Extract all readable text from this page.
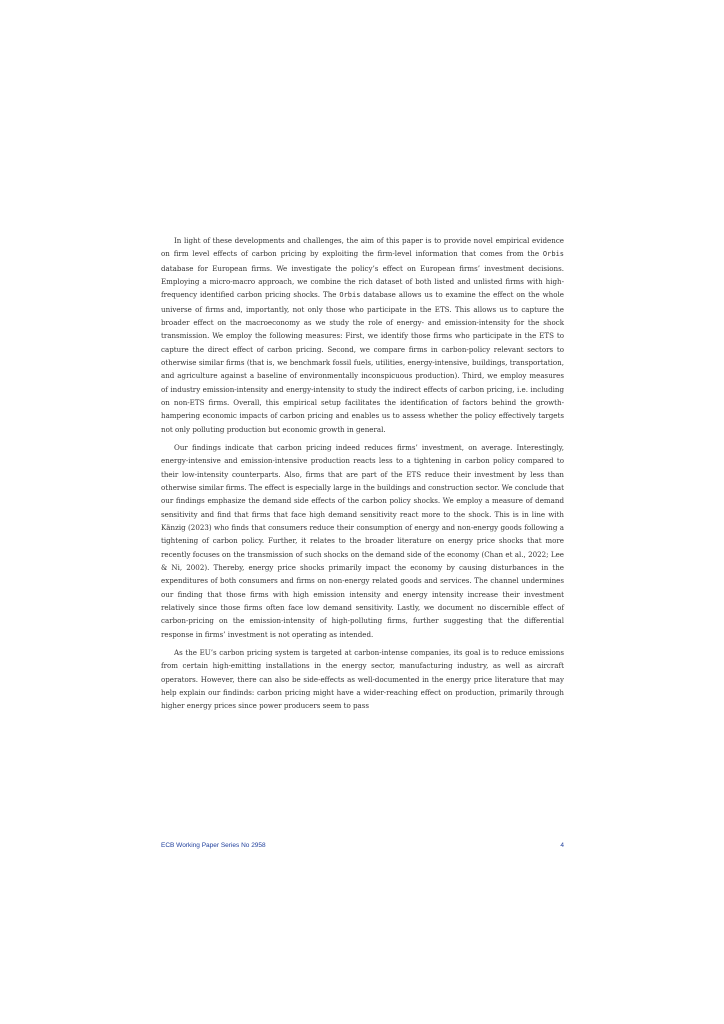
In light of these developments and challenges, the aim of this paper is to provide novel empirical evidence on firm level effects of carbon pricing by exploiting the firm-level information that comes from the Orbis database for European firms. We investigate the policy’s effect on European firms’ investment decisions. Employing a micro-macro approach, we combine the rich dataset of both listed and unlisted firms with high-frequency identified carbon pricing shocks. The Orbis database allows us to examine the effect on the whole universe of firms and, importantly, not only those who participate in the ETS. This allows us to capture the broader effect on the macroeconomy as we study the role of energy- and emission-intensity for the shock transmission. We employ the following measures: First, we identify those firms who participate in the ETS to capture the direct effect of carbon pricing. Second, we compare firms in carbon-policy relevant sectors to otherwise similar firms (that is, we benchmark fossil fuels, utilities, energy-intensive, buildings, transportation, and agriculture against a baseline of environmentally inconspicuous production). Third, we employ measures of industry emission-intensity and energy-intensity to study the indirect effects of carbon pricing, i.e. including on non-ETS firms. Overall, this empirical setup facilitates the identification of factors behind the growth-hampering economic impacts of carbon pricing and enables us to assess whether the policy effectively targets not only polluting production but economic growth in general.

Our findings indicate that carbon pricing indeed reduces firms’ investment, on average. Interestingly, energy-intensive and emission-intensive production reacts less to a tightening in carbon policy compared to their low-intensity counterparts. Also, firms that are part of the ETS reduce their investment by less than otherwise similar firms. The effect is especially large in the buildings and construction sector. We conclude that our findings emphasize the demand side effects of the carbon policy shocks. We employ a measure of demand sensitivity and find that firms that face high demand sensitivity react more to the shock. This is in line with Känzig (2023) who finds that consumers reduce their consumption of energy and non-energy goods following a tightening of carbon policy. Further, it relates to the broader literature on energy price shocks that more recently focuses on the transmission of such shocks on the demand side of the economy (Chan et al., 2022; Lee & Ni, 2002). Thereby, energy price shocks primarily impact the economy by causing disturbances in the expenditures of both consumers and firms on non-energy related goods and services. The channel undermines our finding that those firms with high emission intensity and energy intensity increase their investment relatively since those firms often face low demand sensitivity. Lastly, we document no discernible effect of carbon-pricing on the emission-intensity of high-polluting firms, further suggesting that the differential response in firms’ investment is not operating as intended.

As the EU’s carbon pricing system is targeted at carbon-intense companies, its goal is to reduce emissions from certain high-emitting installations in the energy sector, manufacturing industry, as well as aircraft operators. However, there can also be side-effects as well-documented in the energy price literature that may help explain our findinds: carbon pricing might have a wider-reaching effect on production, primarily through higher energy prices since power producers seem to pass

ECB Working Paper Series No 2958	4
